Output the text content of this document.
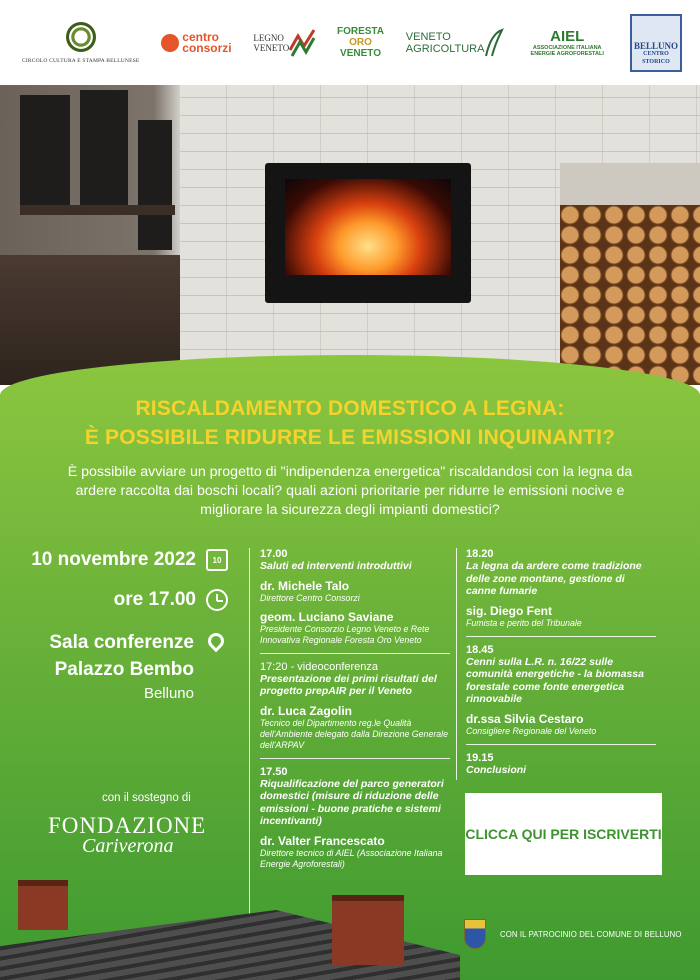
CIRCOLO CULTURA E STAMPA BELLUNESE
centro
consorzi
LEGNO
VENETO
FORESTA
ORO
VENETO
VENETO
AGRICOLTURA
AIEL
ASSOCIAZIONE ITALIANA ENERGIE AGROFORESTALI
BELLUNO
CENTRO STORICO
RISCALDAMENTO DOMESTICO A LEGNA:
È POSSIBILE RIDURRE LE EMISSIONI INQUINANTI?
È possibile avviare un progetto di "indipendenza energetica" riscaldandosi con la legna da ardere raccolta dai boschi locali? quali azioni prioritarie per ridurre le emissioni nocive e migliorare la sicurezza degli impianti domestici?
10 novembre 2022	10
ore 17.00
Sala conferenze
Palazzo Bembo
Belluno
con il sostegno di
FONDAZIONE
Cariverona
17.00
Saluti ed interventi introduttivi
dr. Michele Talo
Direttore Centro Consorzi
geom. Luciano Saviane
Presidente Consorzio Legno Veneto e Rete Innovativa Regionale Foresta Oro Veneto
17:20 - videoconferenza
Presentazione dei primi risultati del progetto prepAIR per il Veneto
dr. Luca Zagolin
Tecnico del Dipartimento reg.le Qualità dell'Ambiente delegato dalla Direzione Generale dell'ARPAV
17.50
Riqualificazione del parco generatori domestici (misure di riduzione delle emissioni - buone pratiche e sistemi incentivanti)
dr. Valter Francescato
Direttore tecnico di AIEL (Associazione Italiana Energie Agroforestali)
18.20
La legna da ardere come tradizione delle zone montane, gestione di canne fumarie
sig. Diego Fent
Fumista e perito del Tribunale
18.45
Cenni sulla L.R. n. 16/22 sulle comunità energetiche - la biomassa forestale come fonte energetica rinnovabile
dr.ssa Silvia Cestaro
Consigliere Regionale del Veneto
19.15
Conclusioni
CLICCA QUI PER ISCRIVERTI
CON IL PATROCINIO DEL COMUNE DI BELLUNO
